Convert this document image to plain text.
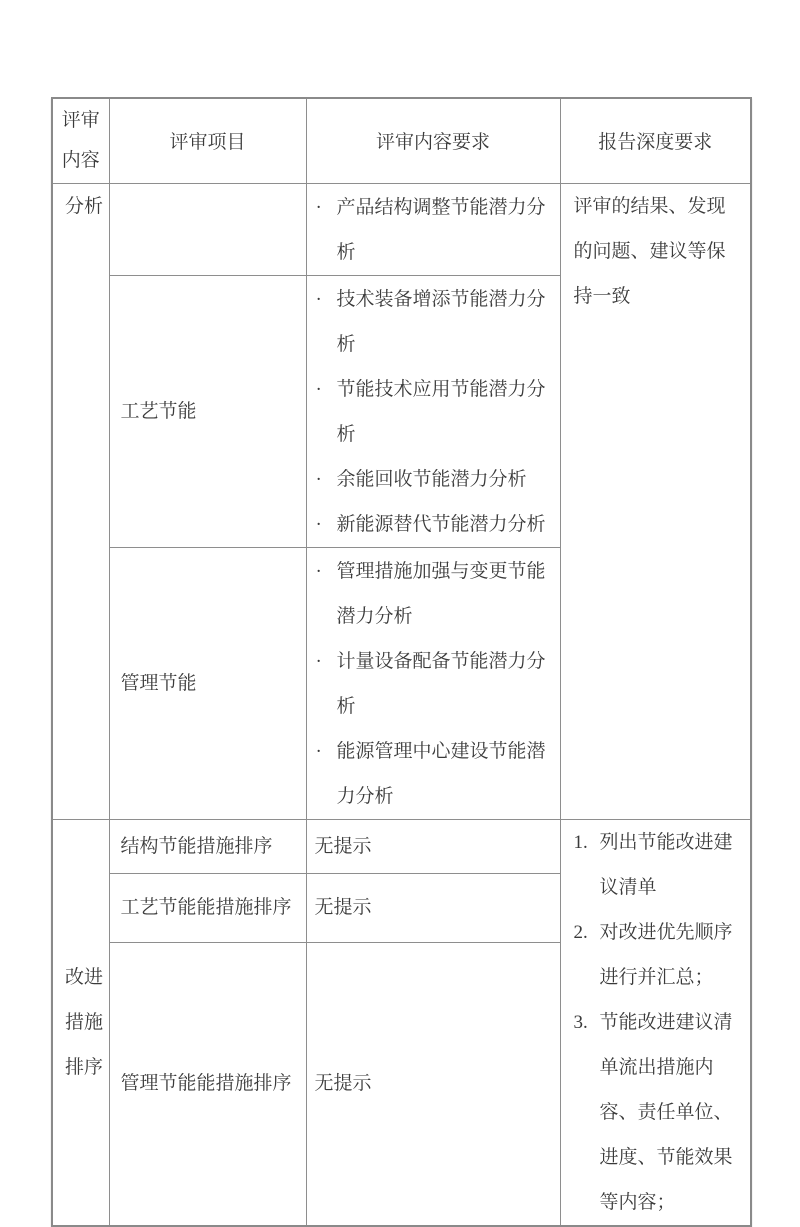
评审
内容	评审项目	评审内容要求	报告深度要求
分析		· 产品结构调整节能潜力分析	评审的结果、发现的问题、建议等保持一致
	工艺节能	· 技术装备增添节能潜力分析
· 节能技术应用节能潜力分析
· 余能回收节能潜力分析
· 新能源替代节能潜力分析	

	管理节能	· 管理措施加强与变更节能潜力分析
· 计量设备配备节能潜力分析
· 能源管理中心建设节能潜力分析	

改进
措施
排序
	结构节能措施排序	无提示	1. 列出节能改进建议清单
2. 对改进优先顺序进行并汇总；
3. 节能改进建议清单流出措施内容、责任单位、进度、节能效果等内容；

	工艺节能能措施排序	无提示	
	管理节能能措施排序	无提示	
